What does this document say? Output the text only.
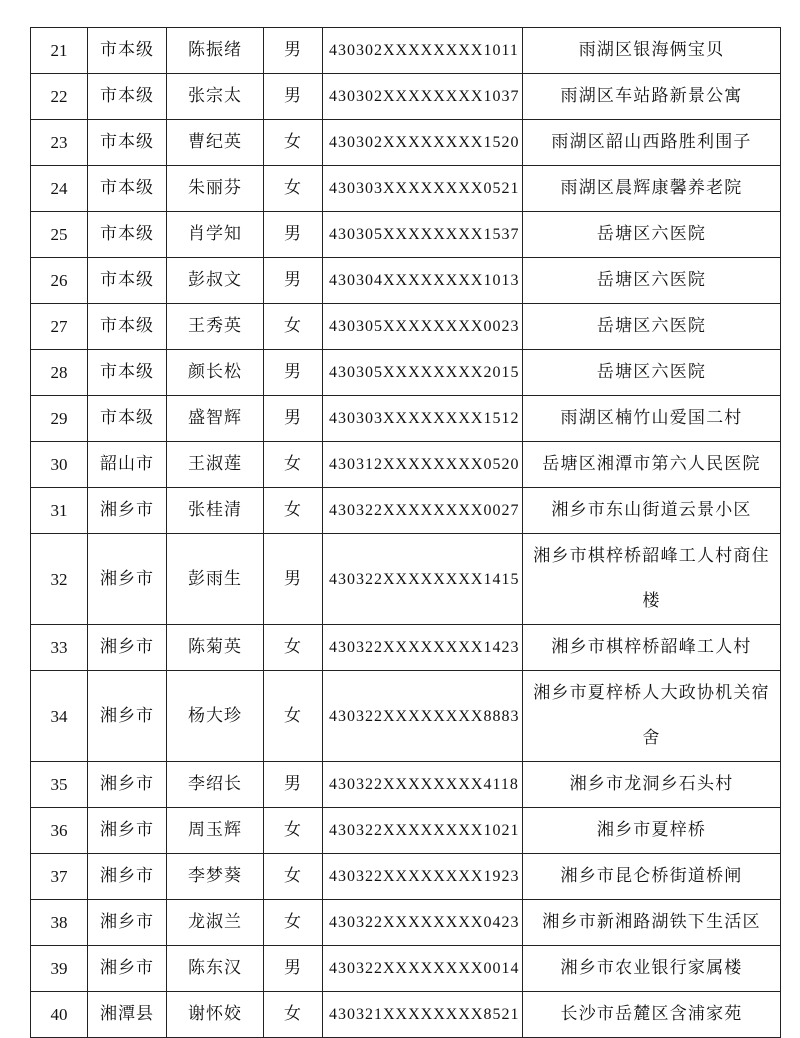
21	市本级	陈振绪	男	430302XXXXXXXX1011	雨湖区银海俩宝贝
22	市本级	张宗太	男	430302XXXXXXXX1037	雨湖区车站路新景公寓
23	市本级	曹纪英	女	430302XXXXXXXX1520	雨湖区韶山西路胜利围子
24	市本级	朱丽芬	女	430303XXXXXXXX0521	雨湖区晨辉康馨养老院
25	市本级	肖学知	男	430305XXXXXXXX1537	岳塘区六医院
26	市本级	彭叔文	男	430304XXXXXXXX1013	岳塘区六医院
27	市本级	王秀英	女	430305XXXXXXXX0023	岳塘区六医院
28	市本级	颜长松	男	430305XXXXXXXX2015	岳塘区六医院
29	市本级	盛智辉	男	430303XXXXXXXX1512	雨湖区楠竹山爱国二村
30	韶山市	王淑莲	女	430312XXXXXXXX0520	岳塘区湘潭市第六人民医院
31	湘乡市	张桂清	女	430322XXXXXXXX0027	湘乡市东山街道云景小区
32	湘乡市	彭雨生	男	430322XXXXXXXX1415	湘乡市棋梓桥韶峰工人村商住楼
33	湘乡市	陈菊英	女	430322XXXXXXXX1423	湘乡市棋梓桥韶峰工人村
34	湘乡市	杨大珍	女	430322XXXXXXXX8883	湘乡市夏梓桥人大政协机关宿舍
35	湘乡市	李绍长	男	430322XXXXXXXX4118	湘乡市龙洞乡石头村
36	湘乡市	周玉辉	女	430322XXXXXXXX1021	湘乡市夏梓桥
37	湘乡市	李梦葵	女	430322XXXXXXXX1923	湘乡市昆仑桥街道桥闸
38	湘乡市	龙淑兰	女	430322XXXXXXXX0423	湘乡市新湘路湖铁下生活区
39	湘乡市	陈东汉	男	430322XXXXXXXX0014	湘乡市农业银行家属楼
40	湘潭县	谢怀姣	女	430321XXXXXXXX8521	长沙市岳麓区含浦家苑
